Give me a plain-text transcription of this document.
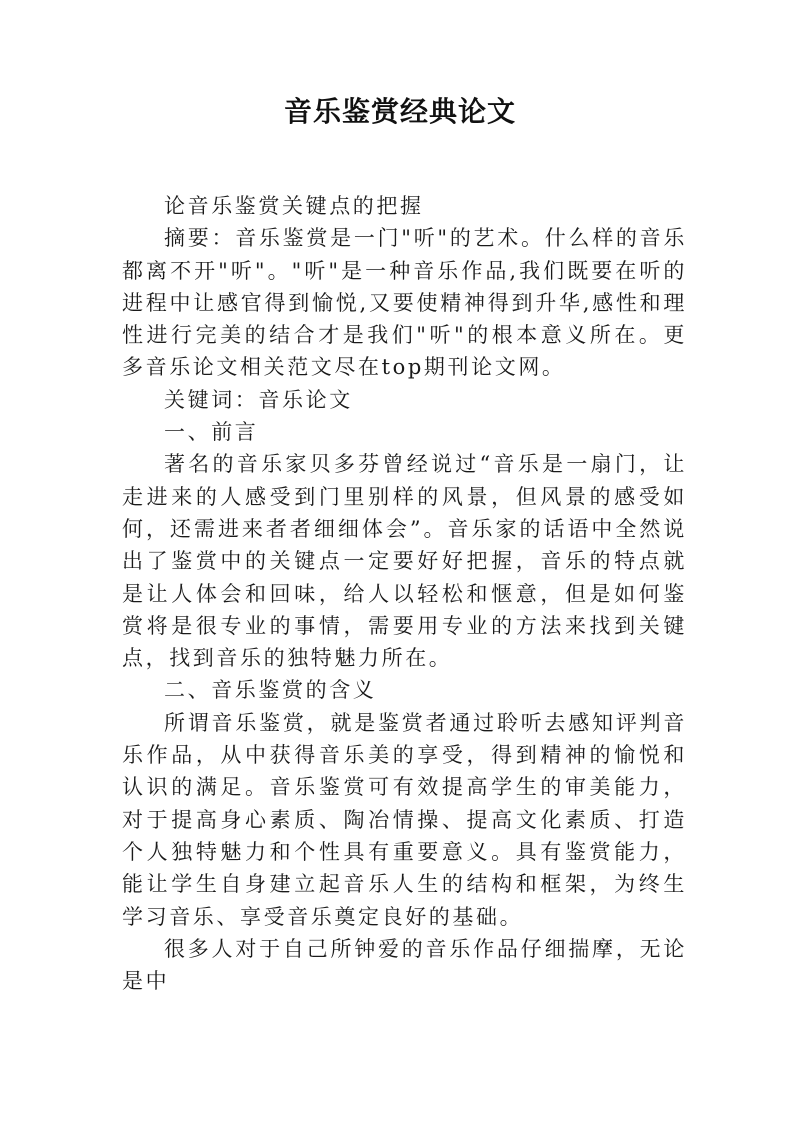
音乐鉴赏经典论文

论音乐鉴赏关键点的把握

摘要：音乐鉴赏是一门"听"的艺术。什么样的音乐都离不开"听"。"听"是一种音乐作品,我们既要在听的进程中让感官得到愉悦,又要使精神得到升华,感性和理性进行完美的结合才是我们"听"的根本意义所在。更多音乐论文相关范文尽在top期刊论文网。

关键词：音乐论文

一、前言

著名的音乐家贝多芬曾经说过“音乐是一扇门，让走进来的人感受到门里别样的风景，但风景的感受如何，还需进来者者细细体会”。音乐家的话语中全然说出了鉴赏中的关键点一定要好好把握，音乐的特点就是让人体会和回味，给人以轻松和惬意，但是如何鉴赏将是很专业的事情，需要用专业的方法来找到关键点，找到音乐的独特魅力所在。

二、音乐鉴赏的含义

所谓音乐鉴赏，就是鉴赏者通过聆听去感知评判音乐作品，从中获得音乐美的享受，得到精神的愉悦和认识的满足。音乐鉴赏可有效提高学生的审美能力，对于提高身心素质、陶冶情操、提高文化素质、打造个人独特魅力和个性具有重要意义。具有鉴赏能力，能让学生自身建立起音乐人生的结构和框架，为终生学习音乐、享受音乐奠定良好的基础。

很多人对于自己所钟爱的音乐作品仔细揣摩，无论是中
